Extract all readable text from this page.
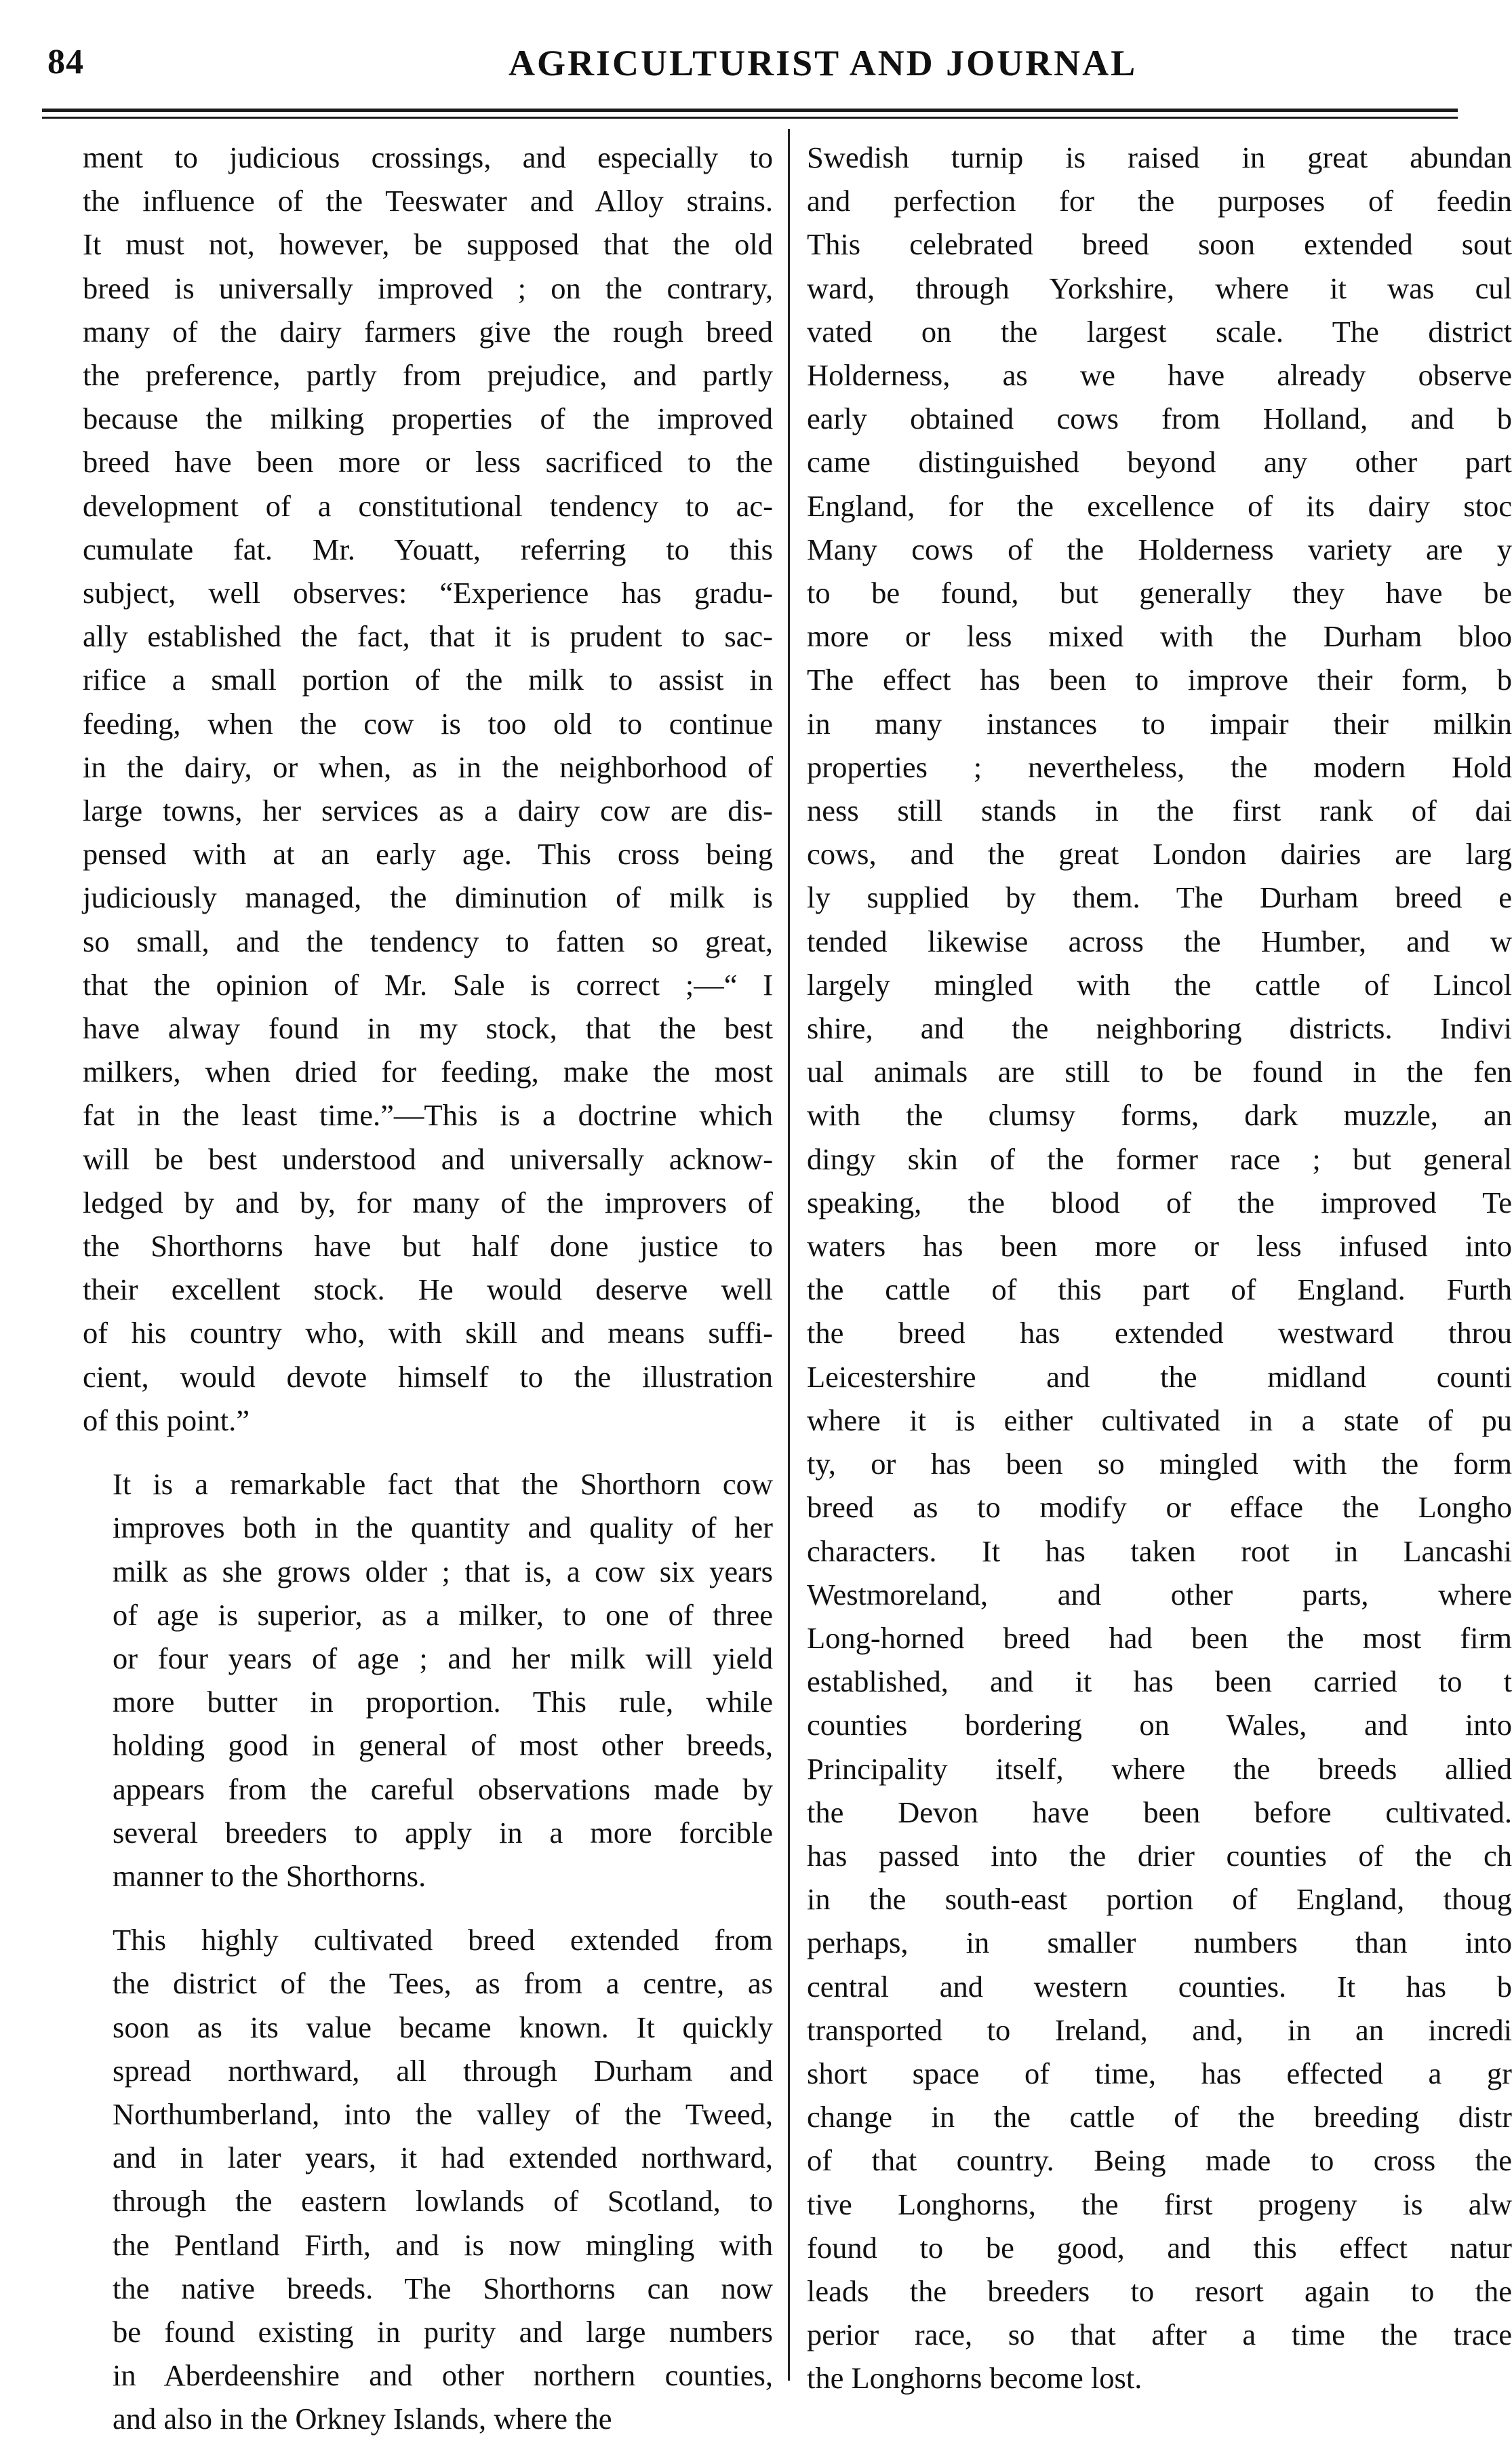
84	AGRICULTURIST AND JOURNAL
ment to judicious crossings, and especially to
the influence of the Teeswater and Alloy strains.
It must not, however, be supposed that the old
breed is universally improved ; on the contrary,
many of the dairy farmers give the rough breed
the preference, partly from prejudice, and partly
because the milking properties of the improved
breed have been more or less sacrificed to the
development of a constitutional tendency to ac-
cumulate fat. Mr. Youatt, referring to this
subject, well observes: “Experience has gradu-
ally established the fact, that it is prudent to sac-
rifice a small portion of the milk to assist in
feeding, when the cow is too old to continue
in the dairy, or when, as in the neighborhood of
large towns, her services as a dairy cow are dis-
pensed with at an early age. This cross being
judiciously managed, the diminution of milk is
so small, and the tendency to fatten so great,
that the opinion of Mr. Sale is correct ;—“ I
have alway found in my stock, that the best
milkers, when dried for feeding, make the most
fat in the least time.”—This is a doctrine which
will be best understood and universally acknow-
ledged by and by, for many of the improvers of
the Shorthorns have but half done justice to
their excellent stock. He would deserve well
of his country who, with skill and means suffi-
cient, would devote himself to the illustration
of this point.”
It is a remarkable fact that the Shorthorn cow
improves both in the quantity and quality of her
milk as she grows older ; that is, a cow six years
of age is superior, as a milker, to one of three
or four years of age ; and her milk will yield
more butter in proportion. This rule, while
holding good in general of most other breeds,
appears from the careful observations made by
several breeders to apply in a more forcible
manner to the Shorthorns.
This highly cultivated breed extended from
the district of the Tees, as from a centre, as
soon as its value became known. It quickly
spread northward, all through Durham and
Northumberland, into the valley of the Tweed,
and in later years, it had extended northward,
through the eastern lowlands of Scotland, to
the Pentland Firth, and is now mingling with
the native breeds. The Shorthorns can now
be found existing in purity and large numbers
in Aberdeenshire and other northern counties,
and also in the Orkney Islands, where the
Swedish turnip is raised in great abundan
and perfection for the purposes of feedin
This celebrated breed soon extended sout
ward, through Yorkshire, where it was cul
vated on the largest scale. The district
Holderness, as we have already observe
early obtained cows from Holland, and b
came distinguished beyond any other part
England, for the excellence of its dairy stoc
Many cows of the Holderness variety are y
to be found, but generally they have be
more or less mixed with the Durham bloo
The effect has been to improve their form, b
in many instances to impair their milkin
properties ; nevertheless, the modern Hold
ness still stands in the first rank of dai
cows, and the great London dairies are larg
ly supplied by them. The Durham breed e
tended likewise across the Humber, and w
largely mingled with the cattle of Lincol
shire, and the neighboring districts. Indivi
ual animals are still to be found in the fen
with the clumsy forms, dark muzzle, an
dingy skin of the former race ; but general
speaking, the blood of the improved Te
waters has been more or less infused into
the cattle of this part of England. Furth
the breed has extended westward throu
Leicestershire and the midland counti
where it is either cultivated in a state of pu
ty, or has been so mingled with the form
breed as to modify or efface the Longho
characters. It has taken root in Lancashi
Westmoreland, and other parts, where
Long-horned breed had been the most firm
established, and it has been carried to t
counties bordering on Wales, and into
Principality itself, where the breeds allied
the Devon have been before cultivated.
has passed into the drier counties of the ch
in the south-east portion of England, thoug
perhaps, in smaller numbers than into
central and western counties. It has b
transported to Ireland, and, in an incredi
short space of time, has effected a gr
change in the cattle of the breeding distr
of that country. Being made to cross the
tive Longhorns, the first progeny is alw
found to be good, and this effect natur
leads the breeders to resort again to the
perior race, so that after a time the trace
the Longhorns become lost.
